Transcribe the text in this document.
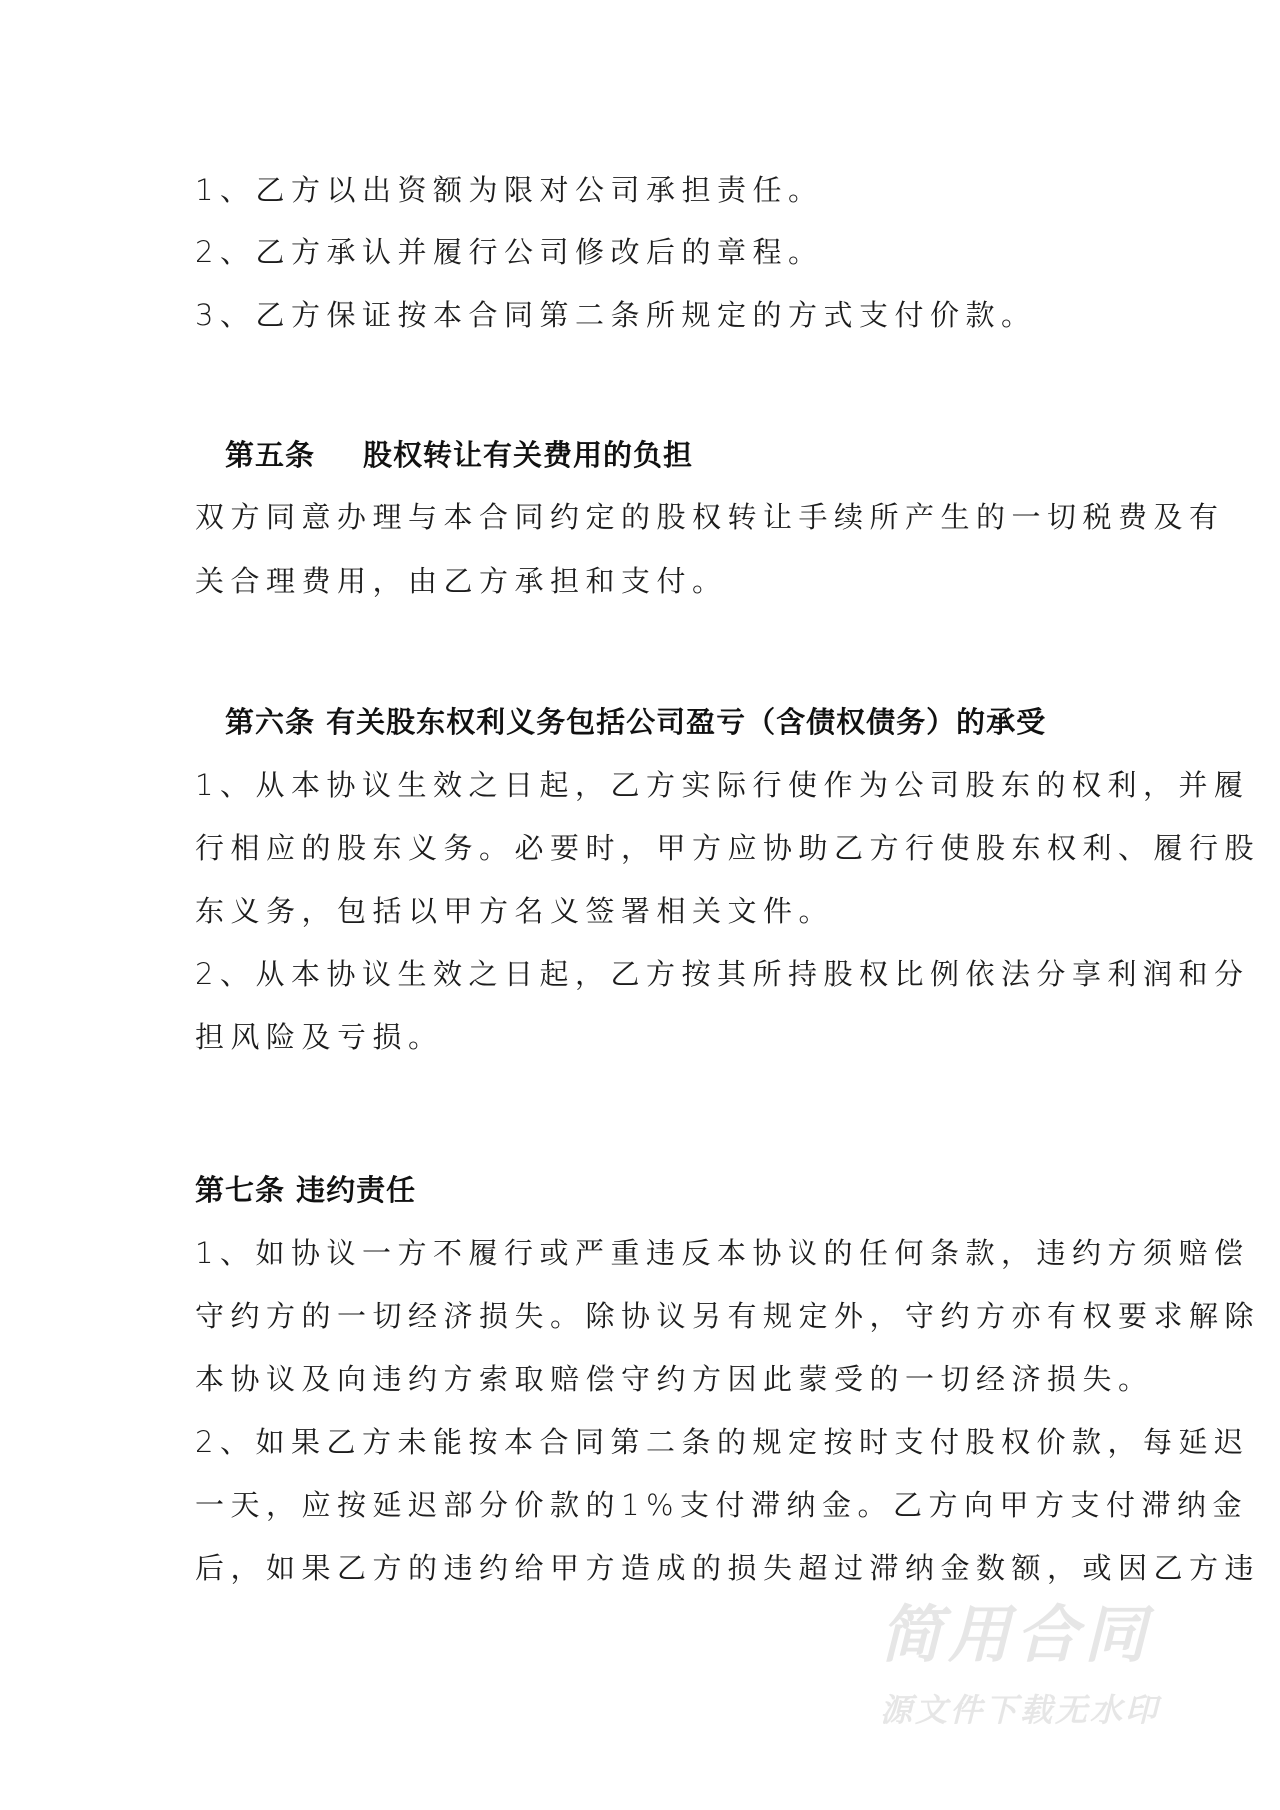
简用合同
源文件下载无水印
1、乙方以出资额为限对公司承担责任。
2、乙方承认并履行公司修改后的章程。
3、乙方保证按本合同第二条所规定的方式支付价款。
第五条 股权转让有关费用的负担
双方同意办理与本合同约定的股权转让手续所产生的一切税费及有
关合理费用，由乙方承担和支付。
第六条 有关股东权利义务包括公司盈亏（含债权债务）的承受
1、从本协议生效之日起，乙方实际行使作为公司股东的权利，并履
行相应的股东义务。必要时，甲方应协助乙方行使股东权利、履行股
东义务，包括以甲方名义签署相关文件。
2、从本协议生效之日起，乙方按其所持股权比例依法分享利润和分
担风险及亏损。
第七条 违约责任
1、如协议一方不履行或严重违反本协议的任何条款，违约方须赔偿
守约方的一切经济损失。除协议另有规定外，守约方亦有权要求解除
本协议及向违约方索取赔偿守约方因此蒙受的一切经济损失。
2、如果乙方未能按本合同第二条的规定按时支付股权价款，每延迟
一天，应按延迟部分价款的1%支付滞纳金。乙方向甲方支付滞纳金
后，如果乙方的违约给甲方造成的损失超过滞纳金数额，或因乙方违
